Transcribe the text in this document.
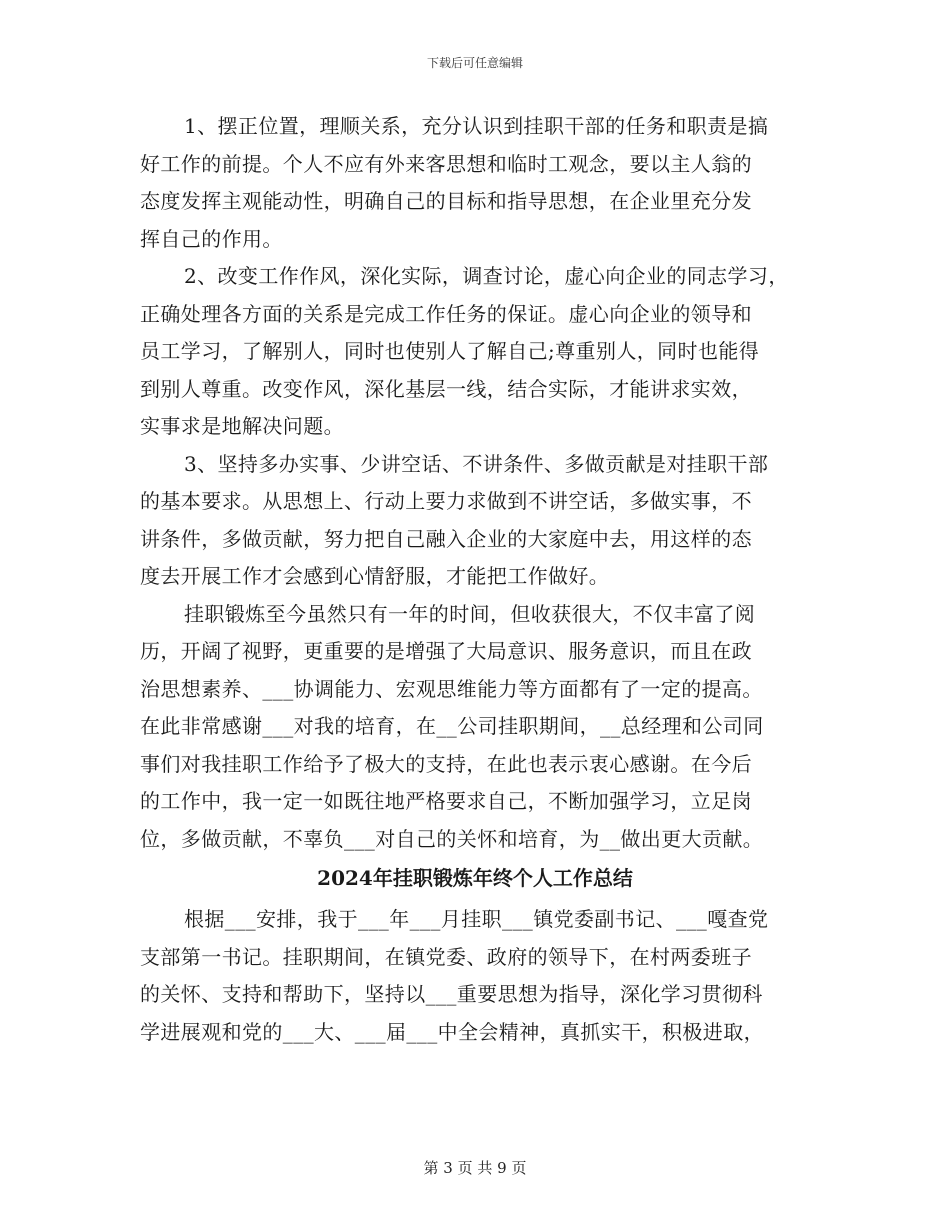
下载后可任意编辑
1、摆正位置，理顺关系，充分认识到挂职干部的任务和职责是搞
好工作的前提。个人不应有外来客思想和临时工观念，要以主人翁的
态度发挥主观能动性，明确自己的目标和指导思想，在企业里充分发
挥自己的作用。
2、改变工作作风，深化实际，调查讨论，虚心向企业的同志学习，
正确处理各方面的关系是完成工作任务的保证。虚心向企业的领导和
员工学习，了解别人，同时也使别人了解自己;尊重别人，同时也能得
到别人尊重。改变作风，深化基层一线，结合实际，才能讲求实效，
实事求是地解决问题。
3、坚持多办实事、少讲空话、不讲条件、多做贡献是对挂职干部
的基本要求。从思想上、行动上要力求做到不讲空话，多做实事，不
讲条件，多做贡献，努力把自己融入企业的大家庭中去，用这样的态
度去开展工作才会感到心情舒服，才能把工作做好。
挂职锻炼至今虽然只有一年的时间，但收获很大，不仅丰富了阅
历，开阔了视野，更重要的是增强了大局意识、服务意识，而且在政
治思想素养、___协调能力、宏观思维能力等方面都有了一定的提高。
在此非常感谢___对我的培育，在__公司挂职期间，__总经理和公司同
事们对我挂职工作给予了极大的支持，在此也表示衷心感谢。在今后
的工作中，我一定一如既往地严格要求自己，不断加强学习，立足岗
位，多做贡献，不辜负___对自己的关怀和培育，为__做出更大贡献。
2024年挂职锻炼年终个人工作总结
根据___安排，我于___年___月挂职___镇党委副书记、___嘎查党
支部第一书记。挂职期间，在镇党委、政府的领导下，在村两委班子
的关怀、支持和帮助下，坚持以___重要思想为指导，深化学习贯彻科
学进展观和党的___大、___届___中全会精神，真抓实干，积极进取，
第 3 页 共 9 页
